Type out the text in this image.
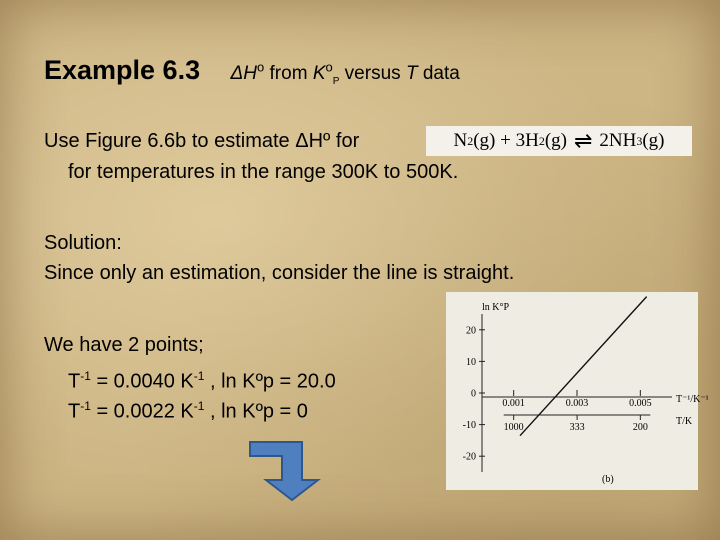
Example 6.3 $\Delta H^o$ from $K^o_P$ versus T data
Use Figure 6.6b to estimate ΔHº for	N 2 (g) + 3H 2 (g) ⇌ 2NH 3 (g)
for temperatures in the range 300K to 500K.
Solution:
Since only an estimation, consider the line is straight.
We have 2 points;
$T^{-1} = 0.0040$ $K^{-1}$ , ln Kºp = 20.0
$T^{-1} = 0.0022$ $K^{-1}$ , ln Kºp = 0
ln K°P
20
10
0
-10
-20
0.001	0.003	0.005
1000	333	200
T⁻¹/K⁻¹
T/K
(b)
